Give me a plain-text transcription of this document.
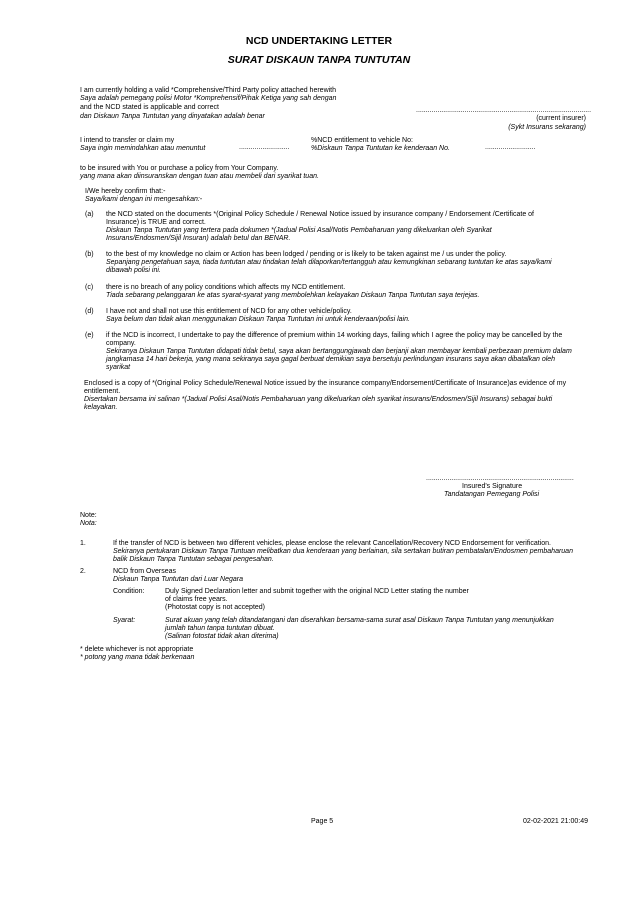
NCD UNDERTAKING LETTER
SURAT DISKAUN TANPA TUNTUTAN
I am currently holding a valid *Comprehensive/Third Party policy attached herewith
Saya adalah pemegang polisi Motor *Komprehensif/Pihak Ketiga yang sah dengan
and the NCD stated is applicable and correct
dan Diskaun Tanpa Tuntutan yang dinyatakan adalah benar
..........................................................................................
(current insurer)
(Sykt Insurans sekarang)
I intend to transfer or claim my
Saya ingin memindahkan atau menuntut	..........................
%NCD entitlement to vehicle No:
%Diskaun Tanpa Tuntutan ke kenderaan No.	..........................
to be insured with You or purchase a policy from Your Company.
yang mana akan diinsuranskan dengan tuan atau membeli dari syarikat tuan.
I/We hereby confirm that:-
Saya/kami dengan ini mengesahkan:-
(a) the NCD stated on the documents *(Original Policy Schedule / Renewal Notice issued by insurance company / Endorsement /Certificate of Insurance) is TRUE and correct.
Diskaun Tanpa Tuntutan yang tertera pada dokumen *(Jadual Polisi Asal/Notis Pembaharuan yang dikeluarkan oleh Syarikat Insurans/Endosmen/Sijil Insuran) adalah betul dan BENAR.
(b) to the best of my knowledge no claim or Action has been lodged / pending or is likely to be taken against me / us under the policy.
Sepanjang pengetahuan saya, tiada tuntutan atau tindakan telah dilaporkan/tertangguh atau kemungkinan sebarang tuntutan ke atas saya/kami dibawah polisi ini.
(c) there is no breach of any policy conditions which affects my NCD entitlement.
Tiada sebarang pelanggaran ke atas syarat-syarat yang membolehkan kelayakan Diskaun Tanpa Tuntutan saya terjejas.
(d) I have not and shall not use this entitlement of NCD for any other vehicle/policy.
Saya belum dan tidak akan menggunakan Diskaun Tanpa Tuntutan ini untuk kenderaan/polisi lain.
(e) if the NCD is incorrect, I undertake to pay the difference of premium within 14 working days, failing which I agree the policy may be cancelled by the company.
Sekiranya Diskaun Tanpa Tuntutan didapati tidak betul, saya akan bertanggungjawab dan berjanji akan membayar kembali perbezaan premium dalam jangkamasa 14 hari bekerja, yang mana sekiranya saya gagal berbuat demikian saya bersetuju perlindungan insurans saya akan dibatalkan oleh syarikat
Enclosed is a copy of *(Original Policy Schedule/Renewal Notice issued by the insurance company/Endorsement/Certificate of Insurance)as evidence of my entitlement.
Disertakan bersama ini salinan *(Jadual Polisi Asal/Notis Pembaharuan yang dikeluarkan oleh syarikat insurans/Endosmen/Sijil Insurans) sebagai bukti kelayakan.
............................................................................
Insured's Signature
Tandatangan Pemegang Polisi
Note:
Nota:
1.	If the transfer of NCD is between two different vehicles, please enclose the relevant Cancellation/Recovery NCD Endorsement for verification.
Sekiranya pertukaran Diskaun Tanpa Tuntuan melibatkan dua kenderaan yang berlainan, sila sertakan butiran pembatalan/Endosmen pembaharuan balik Diskaun Tanpa Tuntutan sebagai pengesahan.
2.	NCD from Overseas
Diskaun Tanpa Tuntutan dari Luar Negara
Condition:	Duly Signed Declaration letter and submit together with the original NCD Letter stating the number
of claims free years.
(Photostat copy is not accepted)
Syarat:	Surat akuan yang telah ditandatangani dan diserahkan bersama-sama surat asal Diskaun Tanpa Tuntutan yang menunjukkan
jumlah tahun tanpa tuntutan dibuat.
(Salinan fotostat tidak akan diterima)
* delete whichever is not appropriate
* potong yang mana tidak berkenaan
Page 5	02-02-2021 21:00:49
